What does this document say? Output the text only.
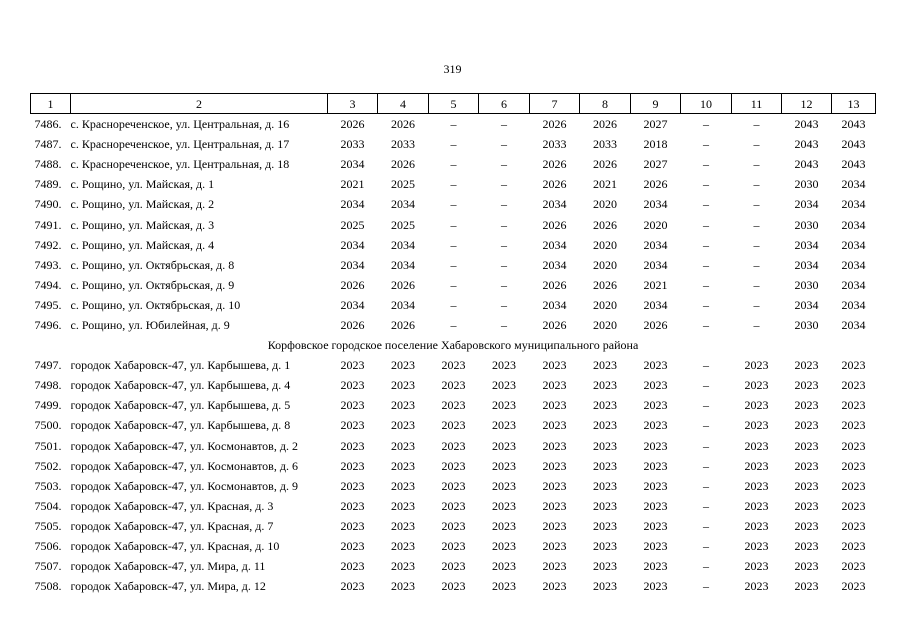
319
1	2	3	4	5	6	7	8	9	10	11	12	13
7486.	с. Краснореченское, ул. Центральная, д. 16	2026	2026	–	–	2026	2026	2027	–	–	2043	2043
7487.	с. Краснореченское, ул. Центральная, д. 17	2033	2033	–	–	2033	2033	2018	–	–	2043	2043
7488.	с. Краснореченское, ул. Центральная, д. 18	2034	2026	–	–	2026	2026	2027	–	–	2043	2043
7489.	с. Рощино, ул. Майская, д. 1	2021	2025	–	–	2026	2021	2026	–	–	2030	2034
7490.	с. Рощино, ул. Майская, д. 2	2034	2034	–	–	2034	2020	2034	–	–	2034	2034
7491.	с. Рощино, ул. Майская, д. 3	2025	2025	–	–	2026	2026	2020	–	–	2030	2034
7492.	с. Рощино, ул. Майская, д. 4	2034	2034	–	–	2034	2020	2034	–	–	2034	2034
7493.	с. Рощино, ул. Октябрьская, д. 8	2034	2034	–	–	2034	2020	2034	–	–	2034	2034
7494.	с. Рощино, ул. Октябрьская, д. 9	2026	2026	–	–	2026	2026	2021	–	–	2030	2034
7495.	с. Рощино, ул. Октябрьская, д. 10	2034	2034	–	–	2034	2020	2034	–	–	2034	2034
7496.	с. Рощино, ул. Юбилейная, д. 9	2026	2026	–	–	2026	2020	2026	–	–	2030	2034
Корфовское городское поселение Хабаровского муниципального района												
7497.	городок Хабаровск-47, ул. Карбышева, д. 1	2023	2023	2023	2023	2023	2023	2023	–	2023	2023	2023
7498.	городок Хабаровск-47, ул. Карбышева, д. 4	2023	2023	2023	2023	2023	2023	2023	–	2023	2023	2023
7499.	городок Хабаровск-47, ул. Карбышева, д. 5	2023	2023	2023	2023	2023	2023	2023	–	2023	2023	2023
7500.	городок Хабаровск-47, ул. Карбышева, д. 8	2023	2023	2023	2023	2023	2023	2023	–	2023	2023	2023
7501.	городок Хабаровск-47, ул. Космонавтов, д. 2	2023	2023	2023	2023	2023	2023	2023	–	2023	2023	2023
7502.	городок Хабаровск-47, ул. Космонавтов, д. 6	2023	2023	2023	2023	2023	2023	2023	–	2023	2023	2023
7503.	городок Хабаровск-47, ул. Космонавтов, д. 9	2023	2023	2023	2023	2023	2023	2023	–	2023	2023	2023
7504.	городок Хабаровск-47, ул. Красная, д. 3	2023	2023	2023	2023	2023	2023	2023	–	2023	2023	2023
7505.	городок Хабаровск-47, ул. Красная, д. 7	2023	2023	2023	2023	2023	2023	2023	–	2023	2023	2023
7506.	городок Хабаровск-47, ул. Красная, д. 10	2023	2023	2023	2023	2023	2023	2023	–	2023	2023	2023
7507.	городок Хабаровск-47, ул. Мира, д. 11	2023	2023	2023	2023	2023	2023	2023	–	2023	2023	2023
7508.	городок Хабаровск-47, ул. Мира, д. 12	2023	2023	2023	2023	2023	2023	2023	–	2023	2023	2023
